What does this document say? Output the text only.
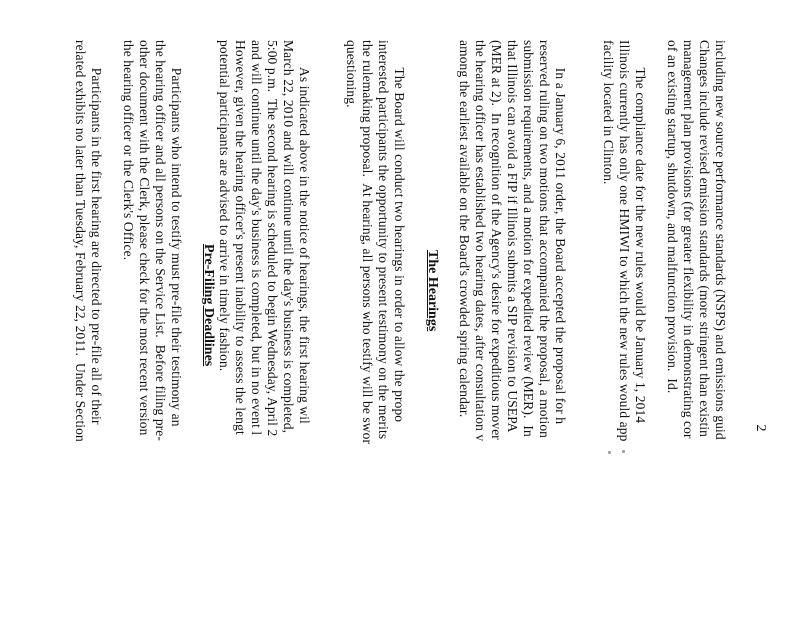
2
including new source performance standards (NSPS) and emissions guid
Changes include revised emission standards (more stringent than existin
management plan provisions (for greater flexibility in demonstrating cor
of an existing startup, shutdown, and malfunction provision.  Id.
The compliance date for the new rules would be January 1, 2014
Illinois currently has only one HMIWI to which the new rules would app
facility located in Clinton.
In a January 6, 2011 order, the Board accepted the proposal for h
reserved ruling on two motions that accompanied the proposal, a motion
submission requirements, and a motion for expedited review (MER).  In
that Illinois can avoid a FIP if Illinois submits a SIP revision to USEPA
(MER at 2).  In recognition of the Agency's desire for expeditious mover
the hearing officer has established two hearing dates, after consultation v
among the earliest available on the Board's crowded spring calendar.
The Hearings
The Board will conduct two hearings in order to allow the propo
interested participants the opportunity to present testimony on the merits
the rulemaking proposal.  At hearing, all persons who testify will be swor
questioning.
As indicated above in the notice of hearings, the first hearing wil
March 22, 2010 and will continue until the day's business is completed,
5:00 p.m.  The second hearing is scheduled to begin Wednesday, April 2
and will continue until the day's business is completed, but in no event l
However, given the hearing officer's present inability to assess the lengt
potential participants are advised to arrive in timely fashion.
Pre-Filing Deadlines
Participants who intend to testify must pre-file their testimony an
the hearing officer and all persons on the Service List.  Before filing pre-
other document with the Clerk, please check for the most recent version
the hearing officer or the Clerk's Office.
Participants in the first hearing are directed to pre-file all of their
related exhibits no later than Tuesday, February 22, 2011.  Under Section
